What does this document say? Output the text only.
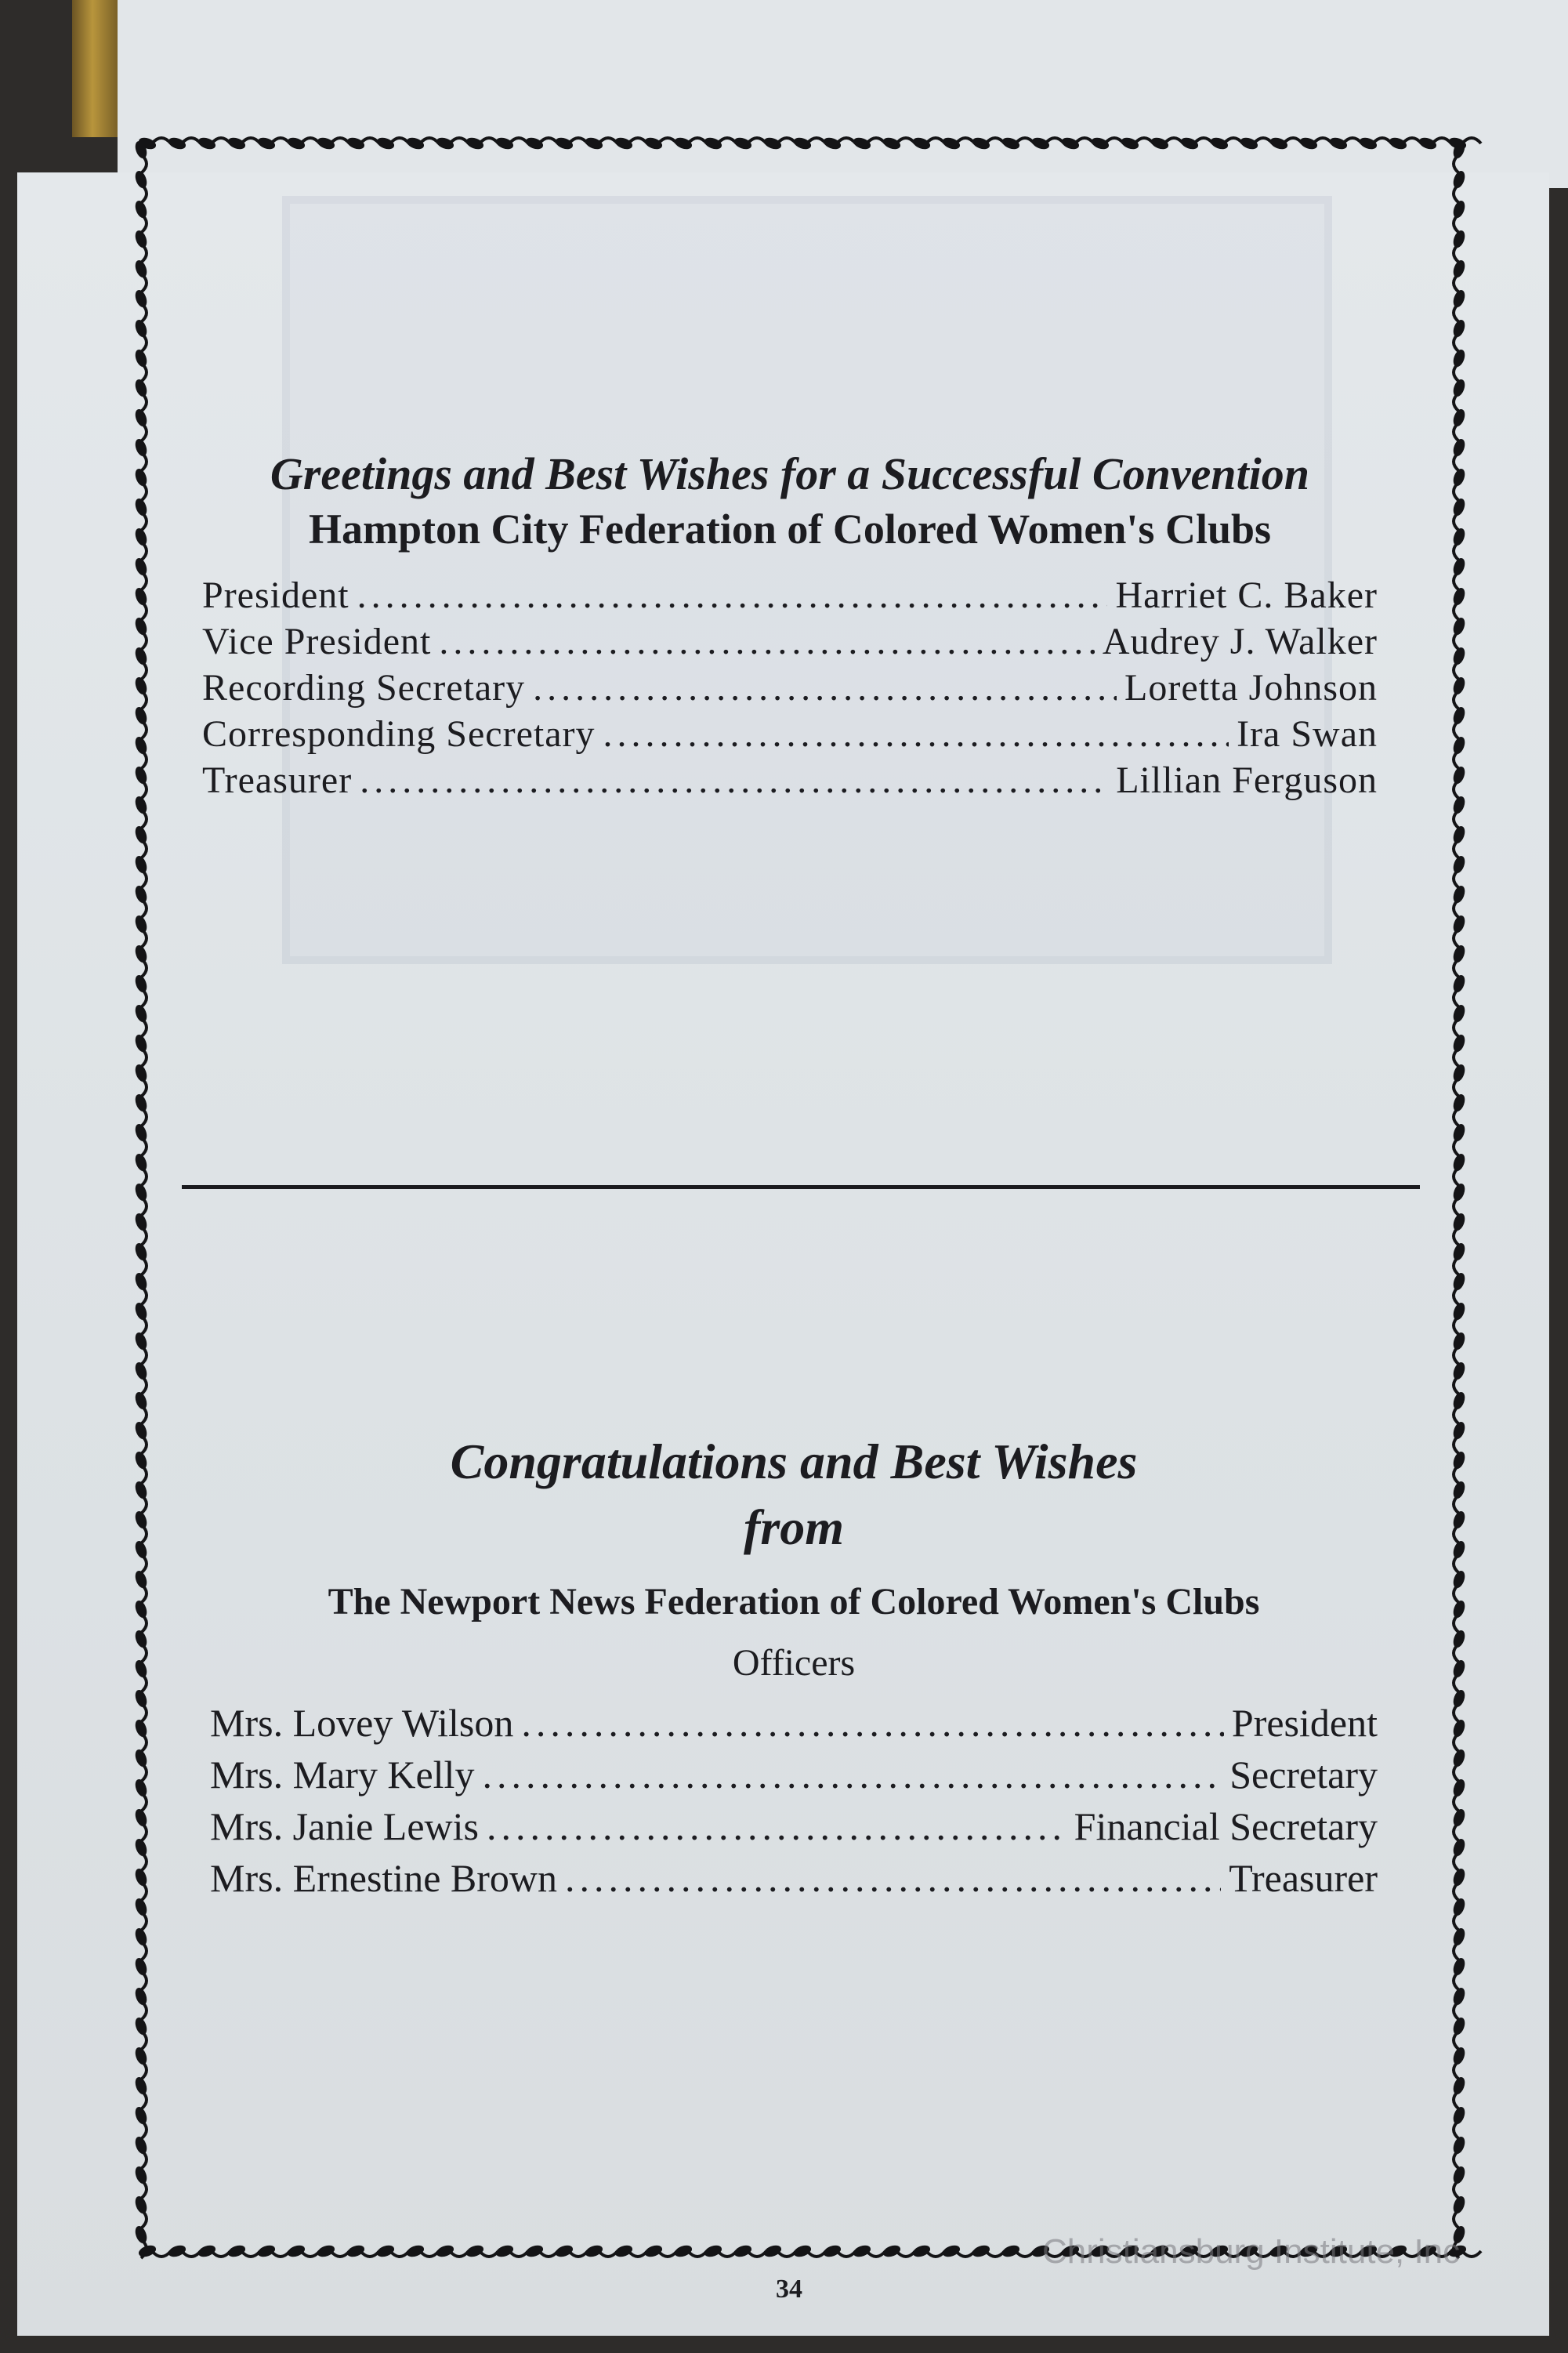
Greetings and Best Wishes for a Successful Convention
Hampton City Federation of Colored Women's Clubs
President .....	Harriet C. Baker
Vice President .....	Audrey J. Walker
Recording Secretary .....	Loretta Johnson
Corresponding Secretary .....	Ira Swan
Treasurer .....	Lillian Ferguson
Congratulations and Best Wishes
from
The Newport News Federation of Colored Women's Clubs
Officers
Mrs. Lovey Wilson .....	President
Mrs. Mary Kelly .....	Secretary
Mrs. Janie Lewis .....	Financial Secretary
Mrs. Ernestine Brown .....	Treasurer
34
Christiansburg Institute, Inc
